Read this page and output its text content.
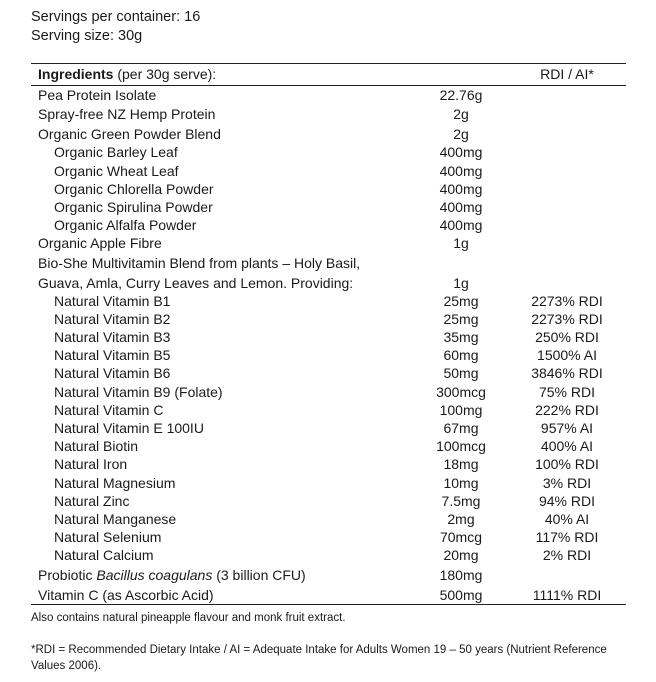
Servings per container: 16
Serving size: 30g
Ingredients (per 30g serve):	RDI / AI*
Pea Protein Isolate	22.76g
Spray-free NZ Hemp Protein	2g
Organic Green Powder Blend	2g
Organic Barley Leaf	400mg
Organic Wheat Leaf	400mg
Organic Chlorella Powder	400mg
Organic Spirulina Powder	400mg
Organic Alfalfa Powder	400mg
Organic Apple Fibre	1g
Bio-She Multivitamin Blend from plants – Holy Basil,
Guava, Amla, Curry Leaves and Lemon. Providing:	1g
Natural Vitamin B1	25mg	2273% RDI
Natural Vitamin B2	25mg	2273% RDI
Natural Vitamin B3	35mg	250% RDI
Natural Vitamin B5	60mg	1500% AI
Natural Vitamin B6	50mg	3846% RDI
Natural Vitamin B9 (Folate)	300mcg	75% RDI
Natural Vitamin C	100mg	222% RDI
Natural Vitamin E 100IU	67mg	957% AI
Natural Biotin	100mcg	400% AI
Natural Iron	18mg	100% RDI
Natural Magnesium	10mg	3% RDI
Natural Zinc	7.5mg	94% RDI
Natural Manganese	2mg	40% AI
Natural Selenium	70mcg	117% RDI
Natural Calcium	20mg	2% RDI
Probiotic Bacillus coagulans (3 billion CFU)	180mg
Vitamin C (as Ascorbic Acid)	500mg	1111% RDI
Also contains natural pineapple flavour and monk fruit extract.
*RDI = Recommended Dietary Intake / AI = Adequate Intake for Adults Women 19 – 50 years (Nutrient Reference Values 2006).
